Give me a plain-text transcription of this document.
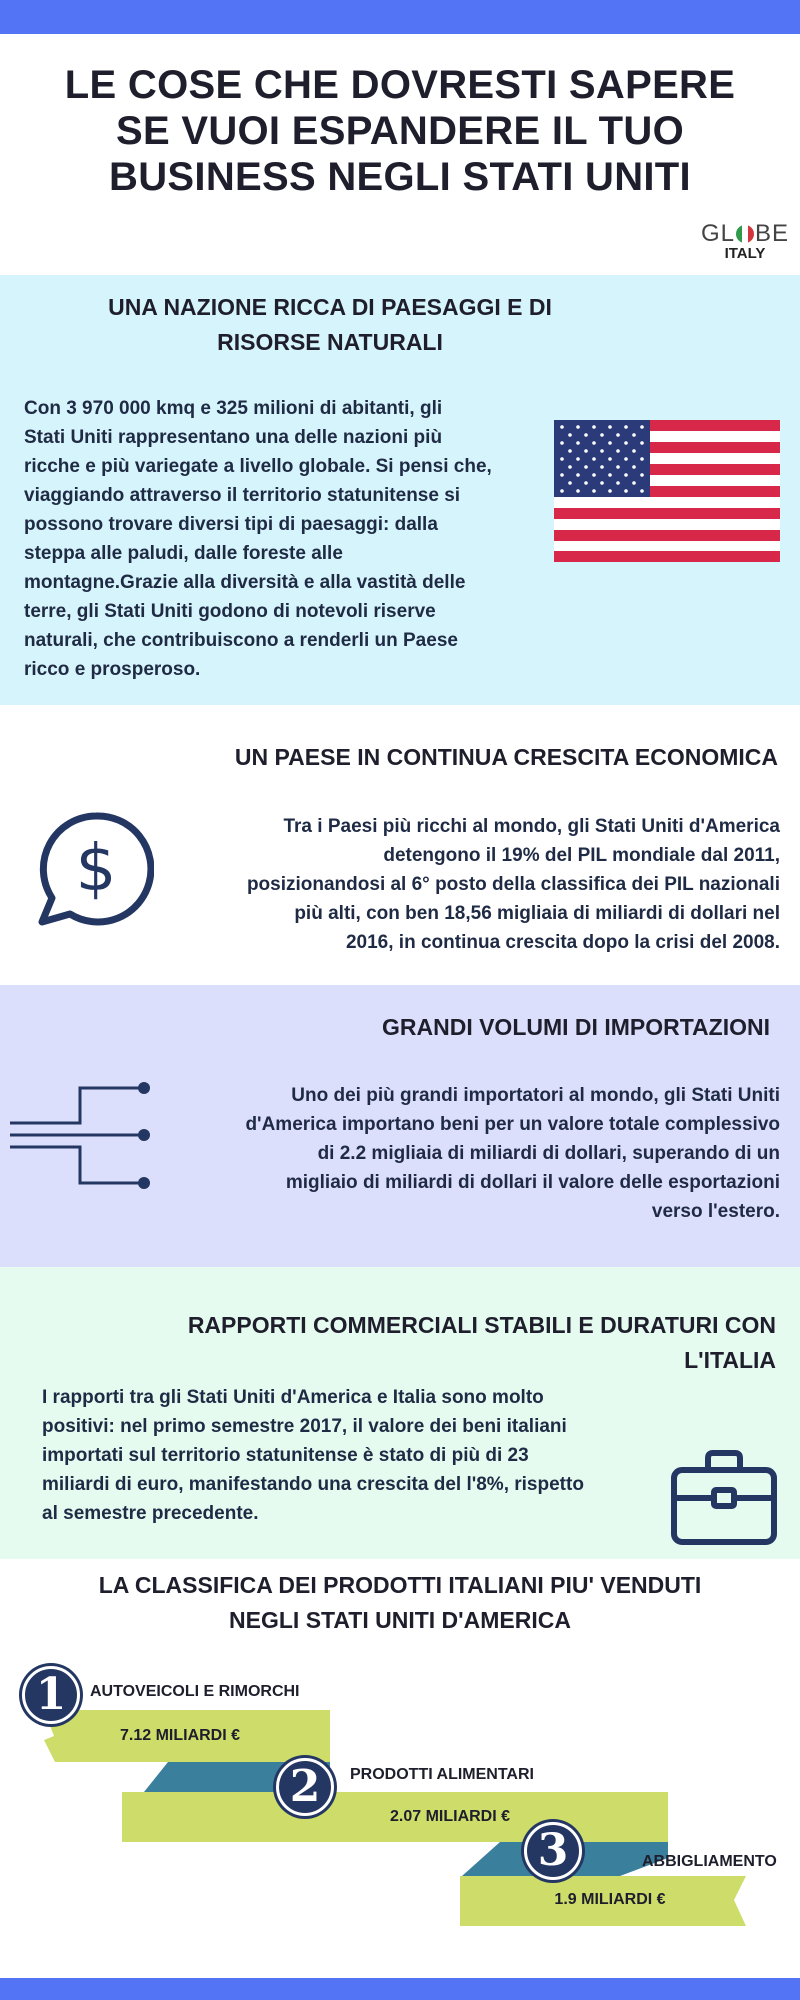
LE COSE CHE DOVRESTI SAPERE
SE VUOI ESPANDERE IL TUO
BUSINESS NEGLI STATI UNITI
GL BE
ITALY
UNA NAZIONE RICCA DI PAESAGGI E DI
RISORSE NATURALI
Con 3 970 000 kmq e 325 milioni di abitanti, gli
Stati Uniti rappresentano una delle nazioni più
ricche e più variegate a livello globale. Si pensi che,
viaggiando attraverso il territorio statunitense si
possono trovare diversi tipi di paesaggi: dalla
steppa alle paludi, dalle foreste alle
montagne.Grazie alla diversità e alla vastità delle
terre, gli Stati Uniti godono di notevoli riserve
naturali, che contribuiscono a renderli un Paese
ricco e prosperoso.
UN PAESE IN CONTINUA CRESCITA ECONOMICA
$
Tra i Paesi più ricchi al mondo, gli Stati Uniti d'America
detengono il 19% del PIL mondiale dal 2011,
posizionandosi al 6° posto della classifica dei PIL nazionali
più alti, con ben 18,56 migliaia di miliardi di dollari nel
2016, in continua crescita dopo la crisi del 2008.
GRANDI VOLUMI DI IMPORTAZIONI
Uno dei più grandi importatori al mondo, gli Stati Uniti
d'America importano beni per un valore totale complessivo
di 2.2 migliaia di miliardi di dollari, superando di un
migliaio di miliardi di dollari il valore delle esportazioni
verso l'estero.
RAPPORTI COMMERCIALI STABILI E DURATURI CON
L'ITALIA
I rapporti tra gli Stati Uniti d'America e Italia sono molto
positivi: nel primo semestre 2017, il valore dei beni italiani
importati sul territorio statunitense è stato di più di 23
miliardi di euro, manifestando una crescita del l'8%, rispetto
al semestre precedente.
LA CLASSIFICA DEI PRODOTTI ITALIANI PIU' VENDUTI
NEGLI STATI UNITI D'AMERICA
1	AUTOVEICOLI E RIMORCHI
7.12 MILIARDI €
2	PRODOTTI ALIMENTARI
2.07 MILIARDI €
3	ABBIGLIAMENTO
1.9 MILIARDI €
